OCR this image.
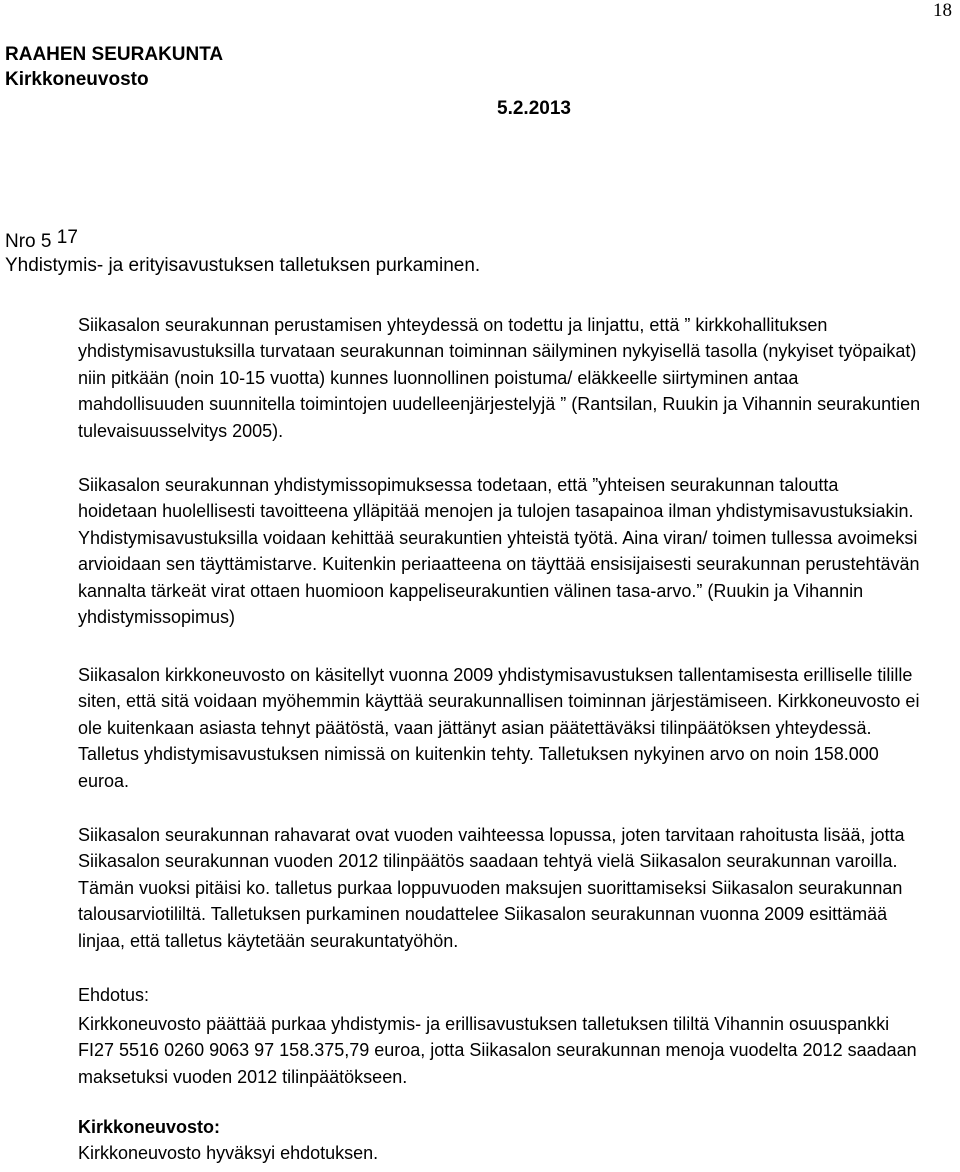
18
RAAHEN SEURAKUNTA
Kirkkoneuvosto
5.2.2013
Nro 5 $^{17}$
Yhdistymis- ja erityisavustuksen talletuksen purkaminen.
Siikasalon seurakunnan perustamisen yhteydessä on todettu ja linjattu, että ” kirkkohallituksen
yhdistymisavustuksilla turvataan seurakunnan toiminnan säilyminen nykyisellä tasolla (nykyiset työpaikat)
niin pitkään (noin 10-15 vuotta) kunnes luonnollinen poistuma/ eläkkeelle siirtyminen antaa
mahdollisuuden suunnitella toimintojen uudelleenjärjestelyjä ” (Rantsilan, Ruukin ja Vihannin seurakuntien
tulevaisuusselvitys 2005).
Siikasalon seurakunnan yhdistymissopimuksessa todetaan, että ”yhteisen seurakunnan taloutta
hoidetaan huolellisesti tavoitteena ylläpitää menojen ja tulojen tasapainoa ilman yhdistymisavustuksiakin.
Yhdistymisavustuksilla voidaan kehittää seurakuntien yhteistä työtä. Aina viran/ toimen tullessa avoimeksi
arvioidaan sen täyttämistarve. Kuitenkin periaatteena on täyttää ensisijaisesti seurakunnan perustehtävän
kannalta tärkeät virat ottaen huomioon kappeliseurakuntien välinen tasa-arvo.” (Ruukin ja Vihannin
yhdistymissopimus)
Siikasalon kirkkoneuvosto on käsitellyt vuonna 2009 yhdistymisavustuksen tallentamisesta erilliselle tilille
siten, että sitä voidaan myöhemmin käyttää seurakunnallisen toiminnan järjestämiseen. Kirkkoneuvosto ei
ole kuitenkaan asiasta tehnyt päätöstä, vaan jättänyt asian päätettäväksi tilinpäätöksen yhteydessä.
Talletus yhdistymisavustuksen nimissä on kuitenkin tehty. Talletuksen nykyinen arvo on noin 158.000
euroa.
Siikasalon seurakunnan rahavarat ovat vuoden vaihteessa lopussa, joten tarvitaan rahoitusta lisää, jotta
Siikasalon seurakunnan vuoden 2012 tilinpäätös saadaan tehtyä vielä Siikasalon seurakunnan varoilla.
Tämän vuoksi pitäisi ko. talletus purkaa loppuvuoden maksujen suorittamiseksi Siikasalon seurakunnan
talousarviotililtä. Talletuksen purkaminen noudattelee Siikasalon seurakunnan vuonna 2009 esittämää
linjaa, että talletus käytetään seurakuntatyöhön.
Ehdotus:
Kirkkoneuvosto päättää purkaa yhdistymis- ja erillisavustuksen talletuksen tililtä Vihannin osuuspankki
FI27 5516 0260 9063 97 158.375,79 euroa, jotta Siikasalon seurakunnan menoja vuodelta 2012 saadaan
maksetuksi vuoden 2012 tilinpäätökseen.
Kirkkoneuvosto:
Kirkkoneuvosto hyväksyi ehdotuksen.
